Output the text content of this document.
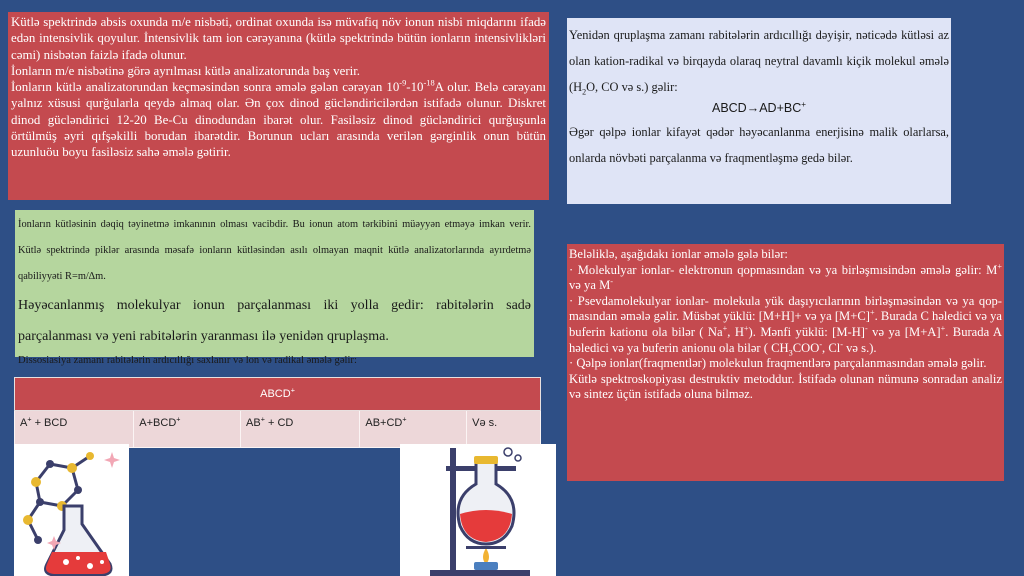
Kütlə spektrində absis oxunda m/e nisbəti, ordinat oxunda isə müvafiq növ ionun nisbi miqdarını ifadə edən intensivlik qoyulur. İntensivlik tam ion cərəyanına (kütlə spektrində bütün ionların intensivlikləri cəmi) nisbətən faizlə ifadə olunur.

İonların m/e nisbətinə görə ayrılması kütlə analizatorunda baş verir.

İonların kütlə analizatorundan keçməsindən sonra əmələ gələn cərəyan $10^{-9}-10^{-18}A$ olur. Belə cərəyanı yalnız xüsusi qurğularla qeydə almaq olar. Ən çox dinod gücləndiricilərdən istifadə olunur. Diskret dinod gücləndirici 12-20 Be-Cu dinodundan ibarət olur. Fasiləsiz dinod gücləndirici qurğuşunla örtülmüş əyri qıfşəkilli borudan ibarətdir. Borunun ucları arasında verilən gərginlik onun bütün uzunluöu boyu fasiləsiz sahə əmələ gətirir.

Yenidən qruplaşma zamanı rabitələrin ardıcıllığı dəyişir, nəticədə kütləsi az olan kation-radikal və birqayda olaraq neytral davamlı kiçik molekul əmələ ($H_2O$, CO və s.) gəlir:

ABCD→AD+BC+

Əgər qəlpə ionlar kifayət qədər həyəcanlanma enerjisinə malik olarlarsa, onlarda növbəti parçalanma və fraqmentləşmə gedə bilər.

İonların kütləsinin dəqiq təyinetmə imkanının olması vacibdir. Bu ionun atom tərkibini müəyyən etməyə imkan verir. Kütlə spektrində piklər arasında məsafə ionların kütləsindən asılı olmayan maqnit kütlə analizatorlarında ayırdetmə qabiliyyəti R=m/∆m.

Həyəcanlanmış molekulyar ionun parçalanması iki yolla gedir: rabitələrin sadə parçalanması və yeni rabitələrin yaranması ilə yenidən qruplaşma.

Dissosiasiya zamanı rabitələrin ardıcıllığı saxlanır və lon və radikal əmələ gəlir:

Beləliklə, aşağıdakı ionlar əmələ gələ bilər:

· Molekulyar ionlar- elektronun qopmasından və ya birləşmısindən əmələ gəlir: M+ və ya M-

· Psevdamolekulyar ionlar- molekula yük daşıyıcılarının birləşməsindən və ya qop-masından əmələ gəlir. Müsbət yüklü: [M+H]+ və ya [M+C]+. Burada C həledici və ya buferin kationu ola bilər ( Na+, H+). Mənfi yüklü: [M-H]- və ya [M+A]+. Burada A həledici və ya buferin anionu ola bilər ( $CH_3COO^-$, Cl- və s.).

· Qəlpə ionlar(fraqmentlər) molekulun fraqmentlərə parçalanmasından əmələ gəlir.

Kütlə spektroskopiyası destruktiv metoddur. İstifadə olunan nümunə sonradan analiz və sintez üçün istifadə oluna bilməz.

ABCD+
A+ + BCD	A+BCD+	AB+ + CD	AB+CD+	Və s.
